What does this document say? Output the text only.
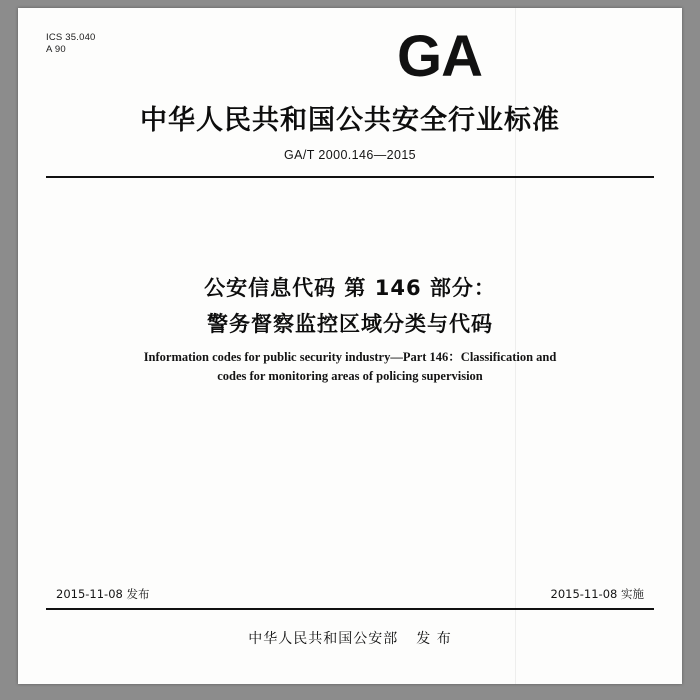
ICS 35.040
A 90	GA
中华人民共和国公共安全行业标准
GA/T 2000.146—2015
公安信息代码 第 146 部分：
警务督察监控区域分类与代码
Information codes for public security industry—Part 146：Classification and
codes for monitoring areas of policing supervision
2015-11-08 发布	2015-11-08 实施
中华人民共和国公安部 发 布
